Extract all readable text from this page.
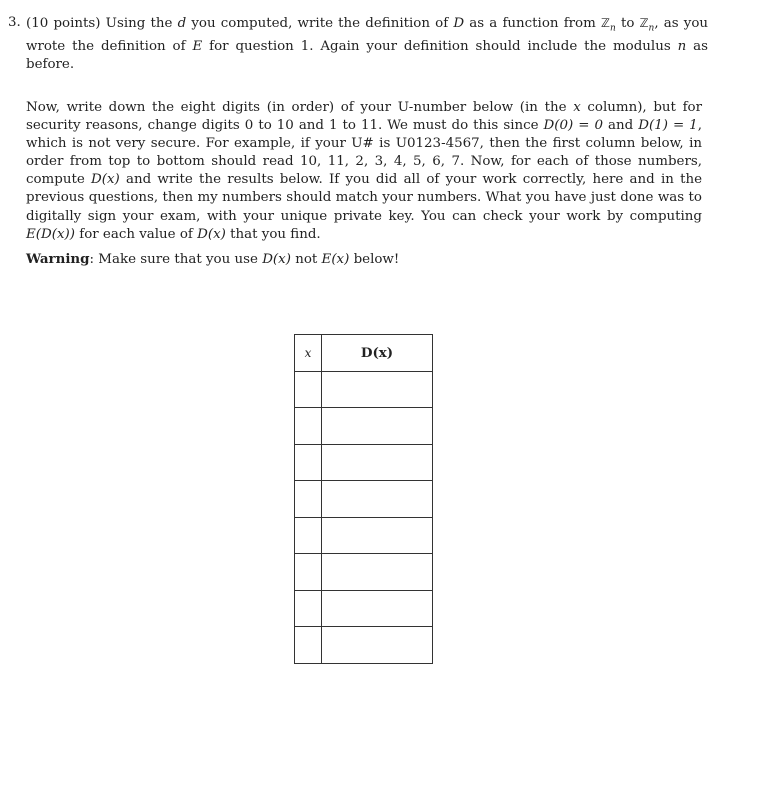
3. (10 points) Using the d you computed, write the definition of D as a function from ℤ$_n$ to ℤ$_n$, as you wrote the definition of E for question 1. Again your definition should include the modulus n as before.
Now, write down the eight digits (in order) of your U-number below (in the x column), but for security reasons, change digits 0 to 10 and 1 to 11. We must do this since D(0) = 0 and D(1) = 1, which is not very secure. For example, if your U# is U0123-4567, then the first column below, in order from top to bottom should read 10, 11, 2, 3, 4, 5, 6, 7. Now, for each of those numbers, compute D(x) and write the results below. If you did all of your work correctly, here and in the previous questions, then my numbers should match your numbers. What you have just done was to digitally sign your exam, with your unique private key. You can check your work by computing E(D(x)) for each value of D(x) that you find.
Warning: Make sure that you use D(x) not E(x) below!
x	D(x)
